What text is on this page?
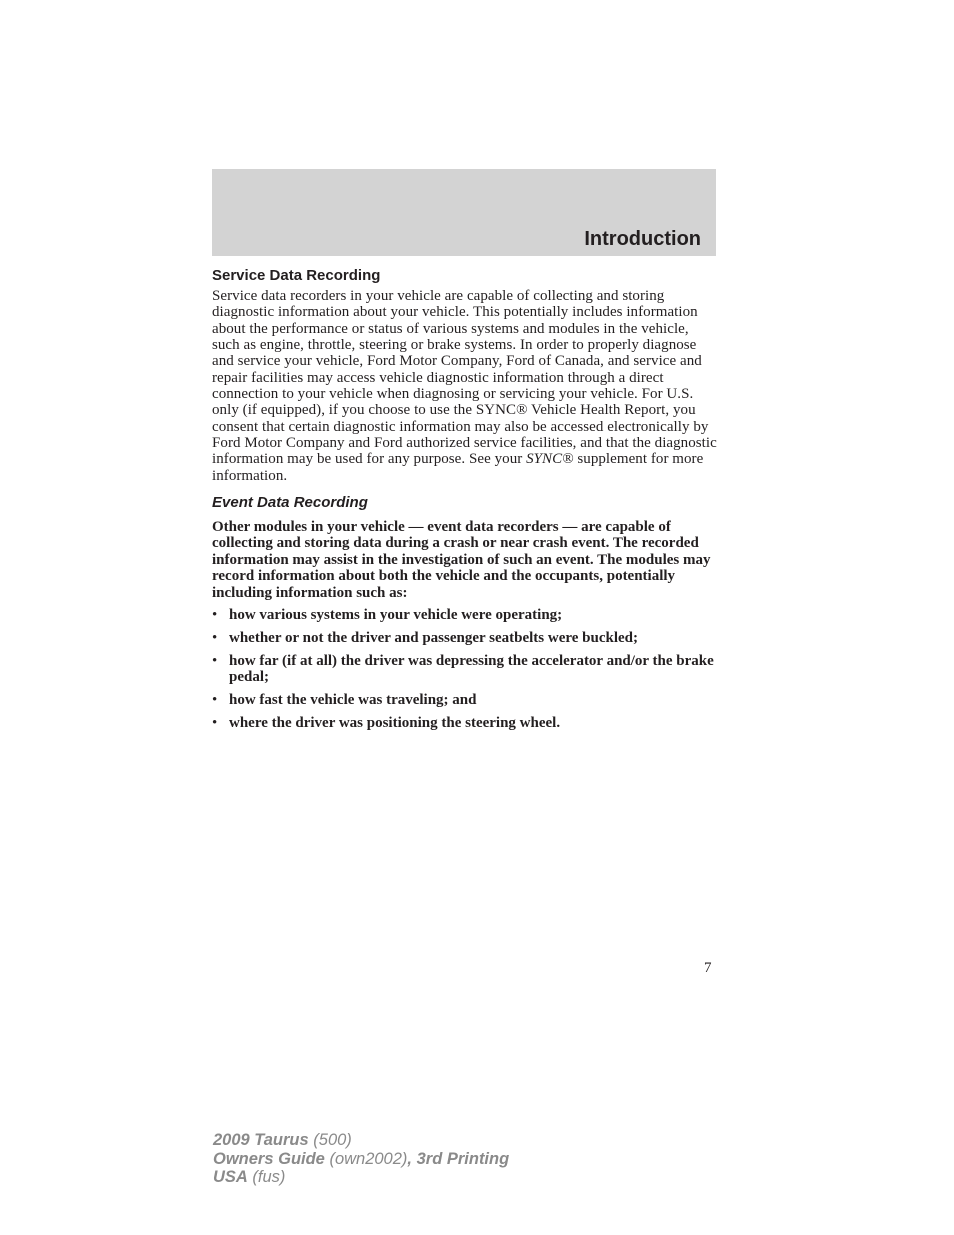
Introduction
Service Data Recording

Service data recorders in your vehicle are capable of collecting and storing diagnostic information about your vehicle. This potentially includes information about the performance or status of various systems and modules in the vehicle, such as engine, throttle, steering or brake systems. In order to properly diagnose and service your vehicle, Ford Motor Company, Ford of Canada, and service and repair facilities may access vehicle diagnostic information through a direct connection to your vehicle when diagnosing or servicing your vehicle. For U.S. only (if equipped), if you choose to use the SYNC® Vehicle Health Report, you consent that certain diagnostic information may also be accessed electronically by Ford Motor Company and Ford authorized service facilities, and that the diagnostic information may be used for any purpose. See your SYNC® supplement for more information.

Event Data Recording

Other modules in your vehicle — event data recorders — are capable of collecting and storing data during a crash or near crash event. The recorded information may assist in the investigation of such an event. The modules may record information about both the vehicle and the occupants, potentially including information such as:

• how various systems in your vehicle were operating;
• whether or not the driver and passenger seatbelts were buckled;
• how far (if at all) the driver was depressing the accelerator and/or the brake pedal;
• how fast the vehicle was traveling; and
• where the driver was positioning the steering wheel.
7
2009 Taurus (500)
Owners Guide (own2002), 3rd Printing
USA (fus)
